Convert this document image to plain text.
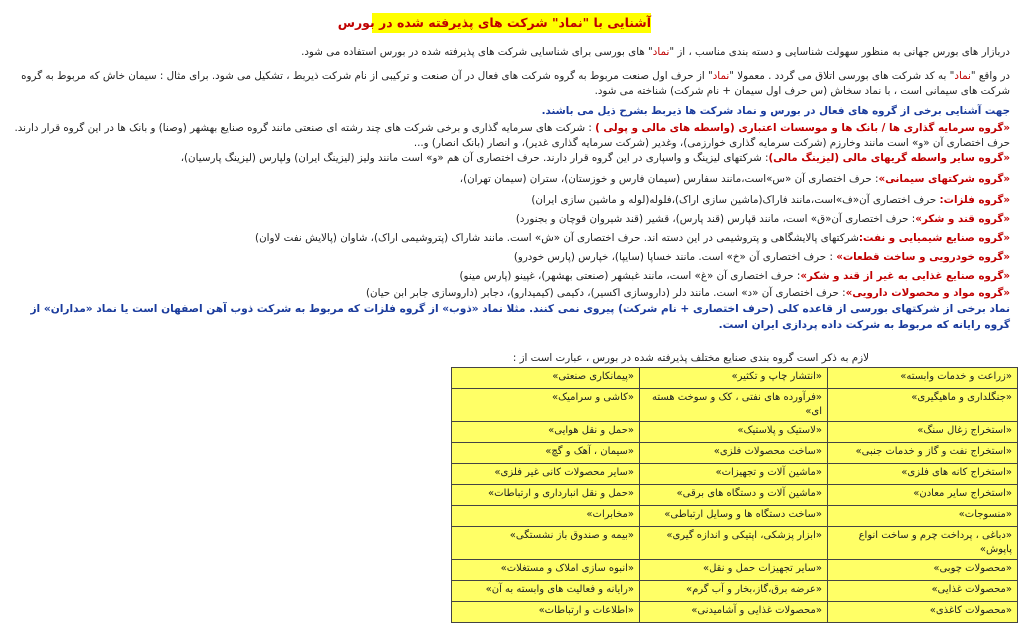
آشنایی با "نماد" شرکت های پذیرفته شده در بورس

دربازار های بورس جهانی به منظور سهولت شناسایی و دسته بندی مناسب ، از "نماد" های بورسی برای شناسایی شرکت های پذیرفته شده در بورس استفاده می شود.

در واقع "نماد" به کد شرکت های بورسی اتلاق می گردد . معمولا "نماد" از حرف اول صنعت مربوط به گروه شرکت های فعال در آن صنعت و ترکیبی از نام شرکت ذیربط ، تشکیل می شود. برای مثال : سیمان خاش که مربوط به گروه شرکت های سیمانی است ، با نماد سخاش (س حرف اول سیمان + نام شرکت) شناخته می شود.

جهت آشنایی برخی از گروه های فعال در بورس و نماد شرکت ها ذیربط بشرح ذیل می باشند.

«گروه سرمایه گذاری ها / بانک ها و موسسات اعتباری (واسطه های مالی و پولی ) : شرکت های سرمایه گذاری و برخی شرکت های چند رشته ای صنعتی مانند گروه صنایع بهشهر (وصنا) و بانک ها در این گروه قرار دارند. حرف اختصاری آن «و» است مانند وخارزم (شرکت سرمایه گذاری خوارزمی)، وغدیر (شرکت سرمایه گذاری غدیر)، و انصار (بانک انصار) و...

«گروه سایر واسطه گریهای مالی (لیزینگ مالی): شرکتهای لیزینگ و واسپاری در این گروه قرار دارند. حرف اختصاری آن هم «و» است مانند ولیز (لیزینگ ایران) ولپارس (لیزینگ پارسیان)،
«گروه شرکتهای سیمانی»: حرف اختصاری آن «س»است،مانند سفارس (سیمان فارس و خوزستان)، ستران (سیمان تهران)،
«گروه فلزات: حرف اختصاری آن«ف»است،مانند فاراک(ماشین سازی اراک)،فلوله(لوله و ماشین سازی ایران)
«گروه قند و شکر»: حرف اختصاری آن«ق» است، مانند قپارس (قند پارس)، قشیر (قند شیروان قوچان و بجنورد)
«گروه صنایع شیمیایی و نفت:شرکتهای پالایشگاهی و پتروشیمی در این دسته اند. حرف اختصاری آن «ش» است. مانند شاراک (پتروشیمی اراک)، شاوان (پالایش نفت لاوان)
«گروه خودرویی و ساخت قطعات» : حرف اختصاری آن «خ» است. مانند خساپا (سایپا)، خپارس (پارس خودرو)
«گروه صنایع غذایی به غیر از قند و شکر»: حرف اختصاری آن «غ» است، مانند غبشهر (صنعتی بهشهر)، غپینو (پارس مینو)
«گروه مواد و محصولات دارویی»: حرف اختصاری آن «د» است. مانند دلر (داروسازی اکسیر)، دکیمی (کیمیدارو)، دجابر (داروسازی جابر ابن حیان)

نماد برخی از شرکتهای بورسی از قاعده کلی (حرف اختصاری + نام شرکت) پیروی نمی کنند. مثلا نماد «ذوب» از گروه فلزات که مربوط به شرکت ذوب آهن اصفهان است یا نماد «مداران» از گروه رایانه که مربوط به شرکت داده پردازی ایران است.

لازم به ذکر است گروه بندی صنایع مختلف پذیرفته شده در بورس ، عبارت است از :
«زراعت و خدمات وابسته»	«انتشار چاپ و تکثیر»	«پیمانکاری صنعتی»
«جنگلداری و ماهیگیری»	«فرآورده های نفتی ، کک و سوخت هسته ای»	«کاشی و سرامیک»
«استخراج زغال سنگ»	«لاستیک و پلاستیک»	«حمل و نقل هوایی»
«استخراج نفت و گاز و خدمات جنبی»	«ساخت محصولات فلزی»	«سیمان ، آهک و گچ»
«استخراج کانه های فلزی»	«ماشین آلات و تجهیزات»	«سایر محصولات کانی غیر فلزی»
«استخراج سایر معادن»	«ماشین آلات و دستگاه های برقی»	«حمل و نقل انبارداری و ارتباطات»
«منسوجات»	«ساخت دستگاه ها و وسایل ارتباطی»	«مخابرات»
«دباغی ، پرداخت چرم و ساخت انواع پاپوش»	«ابزار پزشکی، اپتیکی و اندازه گیری»	«بیمه و صندوق باز نشستگی»
«محصولات چوبی»	«سایر تجهیزات حمل و نقل»	«انبوه سازی املاک و مستغلات»
«محصولات غذایی»	«عرضه برق،گاز،بخار و آب گرم»	«رایانه و فعالیت های وابسته به آن»
«محصولات کاغذی»	«محصولات غذایی و آشامیدنی»	«اطلاعات و ارتباطات»
